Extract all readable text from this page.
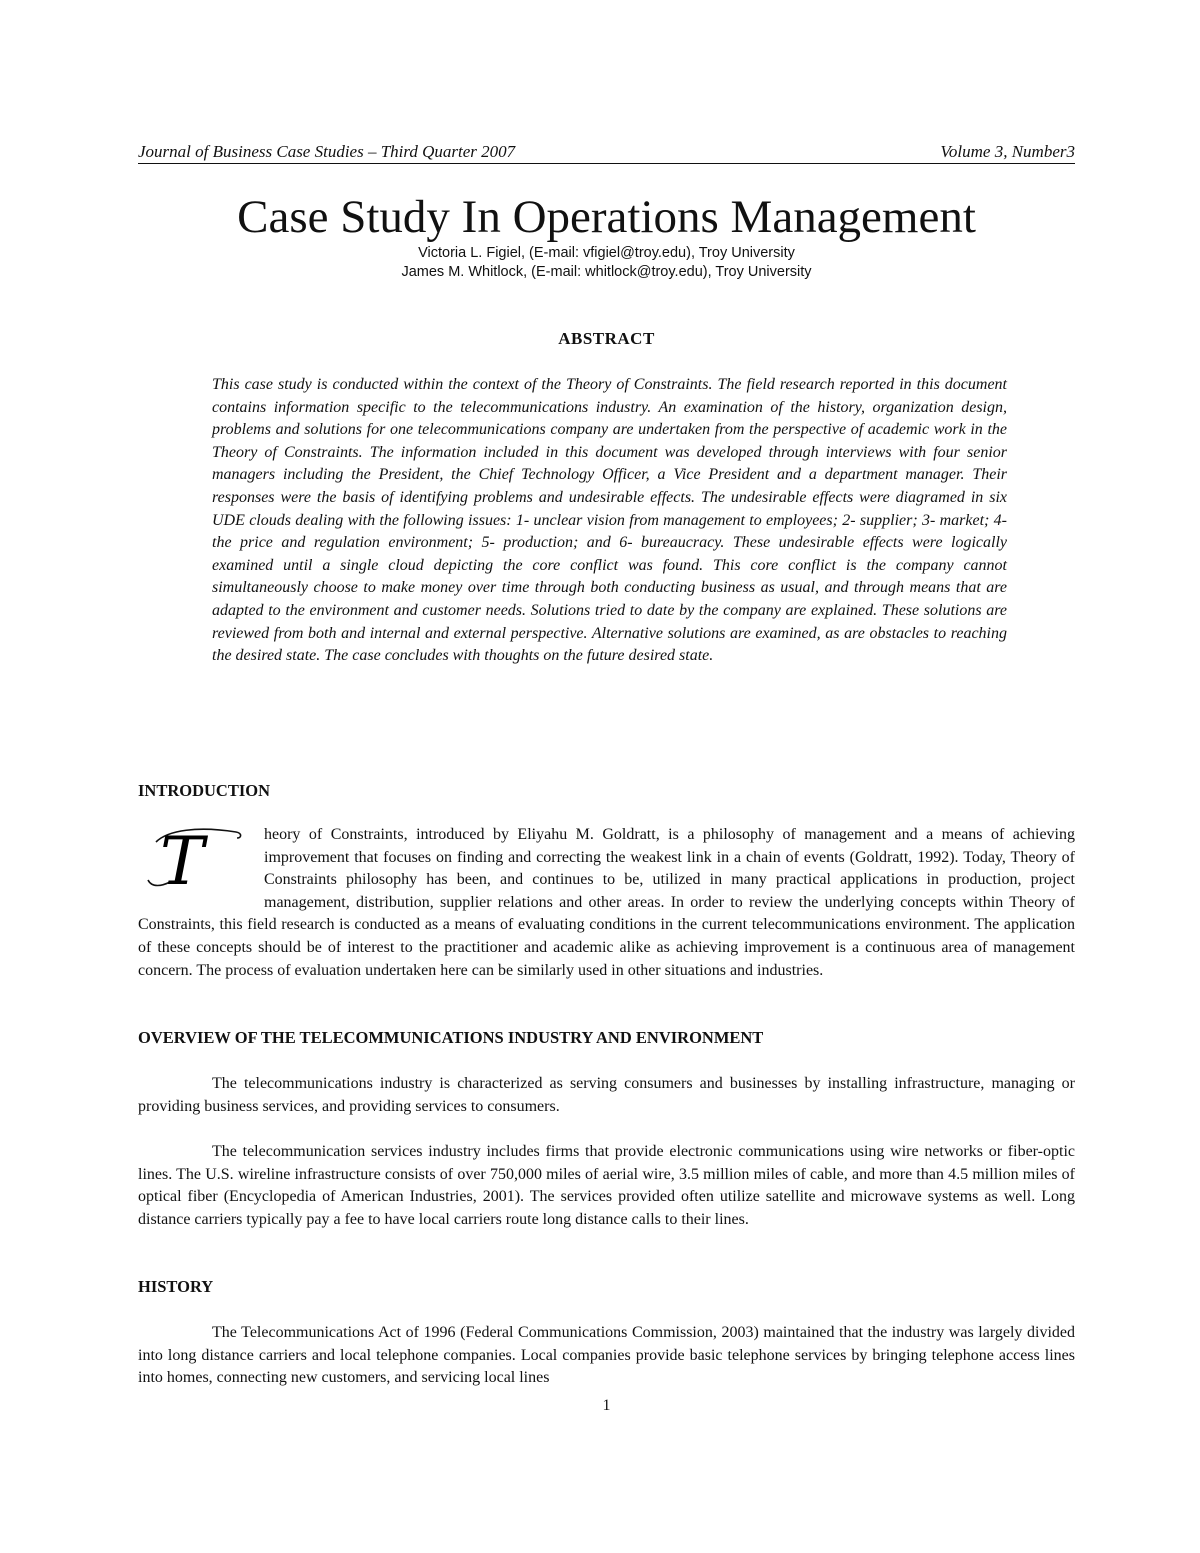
Journal of Business Case Studies – Third Quarter 2007	Volume 3, Number3
Case Study In Operations Management
Victoria L. Figiel, (E-mail: vfigiel@troy.edu), Troy University
James M. Whitlock, (E-mail: whitlock@troy.edu), Troy University
ABSTRACT
This case study is conducted within the context of the Theory of Constraints. The field research reported in this document contains information specific to the telecommunications industry. An examination of the history, organization design, problems and solutions for one telecommunications company are undertaken from the perspective of academic work in the Theory of Constraints. The information included in this document was developed through interviews with four senior managers including the President, the Chief Technology Officer, a Vice President and a department manager. Their responses were the basis of identifying problems and undesirable effects. The undesirable effects were diagramed in six UDE clouds dealing with the following issues: 1- unclear vision from management to employees; 2- supplier; 3- market; 4- the price and regulation environment; 5- production; and 6- bureaucracy. These undesirable effects were logically examined until a single cloud depicting the core conflict was found. This core conflict is the company cannot simultaneously choose to make money over time through both conducting business as usual, and through means that are adapted to the environment and customer needs. Solutions tried to date by the company are explained. These solutions are reviewed from both and internal and external perspective. Alternative solutions are examined, as are obstacles to reaching the desired state. The case concludes with thoughts on the future desired state.
INTRODUCTION
T	heory of Constraints, introduced by Eliyahu M. Goldratt, is a philosophy of management and a means of achieving improvement that focuses on finding and correcting the weakest link in a chain of events (Goldratt, 1992). Today, Theory of Constraints philosophy has been, and continues to be, utilized in many practical applications in production, project management, distribution, supplier relations and other areas. In order to review the underlying concepts within Theory of Constraints, this field research is conducted as a means of evaluating conditions in the current telecommunications environment. The application of these concepts should be of interest to the practitioner and academic alike as achieving improvement is a continuous area of management concern. The process of evaluation undertaken here can be similarly used in other situations and industries.
OVERVIEW OF THE TELECOMMUNICATIONS INDUSTRY AND ENVIRONMENT
The telecommunications industry is characterized as serving consumers and businesses by installing infrastructure, managing or providing business services, and providing services to consumers.
The telecommunication services industry includes firms that provide electronic communications using wire networks or fiber-optic lines. The U.S. wireline infrastructure consists of over 750,000 miles of aerial wire, 3.5 million miles of cable, and more than 4.5 million miles of optical fiber (Encyclopedia of American Industries, 2001). The services provided often utilize satellite and microwave systems as well. Long distance carriers typically pay a fee to have local carriers route long distance calls to their lines.
HISTORY
The Telecommunications Act of 1996 (Federal Communications Commission, 2003) maintained that the industry was largely divided into long distance carriers and local telephone companies. Local companies provide basic telephone services by bringing telephone access lines into homes, connecting new customers, and servicing local lines
1
